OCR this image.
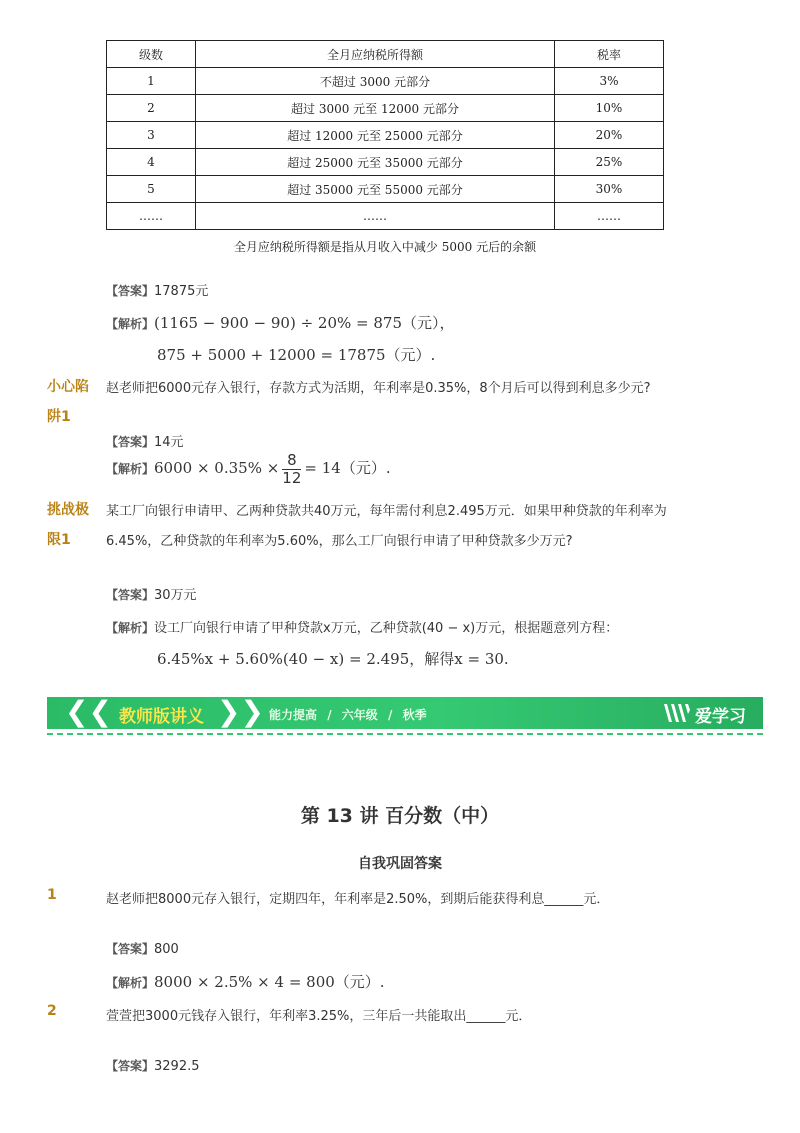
级数	全月应纳税所得额	税率
1	不超过 3000 元部分	3%
2	超过 3000 元至 12000 元部分	10%
3	超过 12000 元至 25000 元部分	20%
4	超过 25000 元至 35000 元部分	25%
5	超过 35000 元至 55000 元部分	30%
……	……	……
全月应纳税所得额是指从月收入中减少 5000 元后的余额
【答案】17875元
【解析】(1165 − 900 − 90) ÷ 20% = 875（元），
875 + 5000 + 12000 = 17875（元）.
小心陷
阱1
赵老师把6000元存入银行，存款方式为活期，年利率是0.35%，8个月后可以得到利息多少元?
【答案】14元
【解析】$6000 \times 0.35\% \times \frac{8}{12} = 14$（元）.
挑战极
限1
某工厂向银行申请甲、乙两种贷款共40万元，每年需付利息2.495万元．如果甲种贷款的年利率为
6.45%，乙种贷款的年利率为5.60%，那么工厂向银行申请了甲种贷款多少万元?
【答案】30万元
【解析】设工厂向银行申请了甲种贷款x万元，乙种贷款(40 − x)万元，根据题意列方程：
6.45%x + 5.60%(40 − x) = 2.495，解得x = 30.
❮❮ 教师版讲义 ❯❯ 能力提高 / 六年级 / 秋季	爱学习
第 13 讲 百分数（中）
自我巩固答案
1	赵老师把8000元存入银行，定期四年，年利率是2.50%，到期后能获得利息______元．
【答案】800
【解析】8000 × 2.5% × 4 = 800（元）.
2	萱萱把3000元钱存入银行，年利率3.25%，三年后一共能取出______元．
【答案】3292.5
